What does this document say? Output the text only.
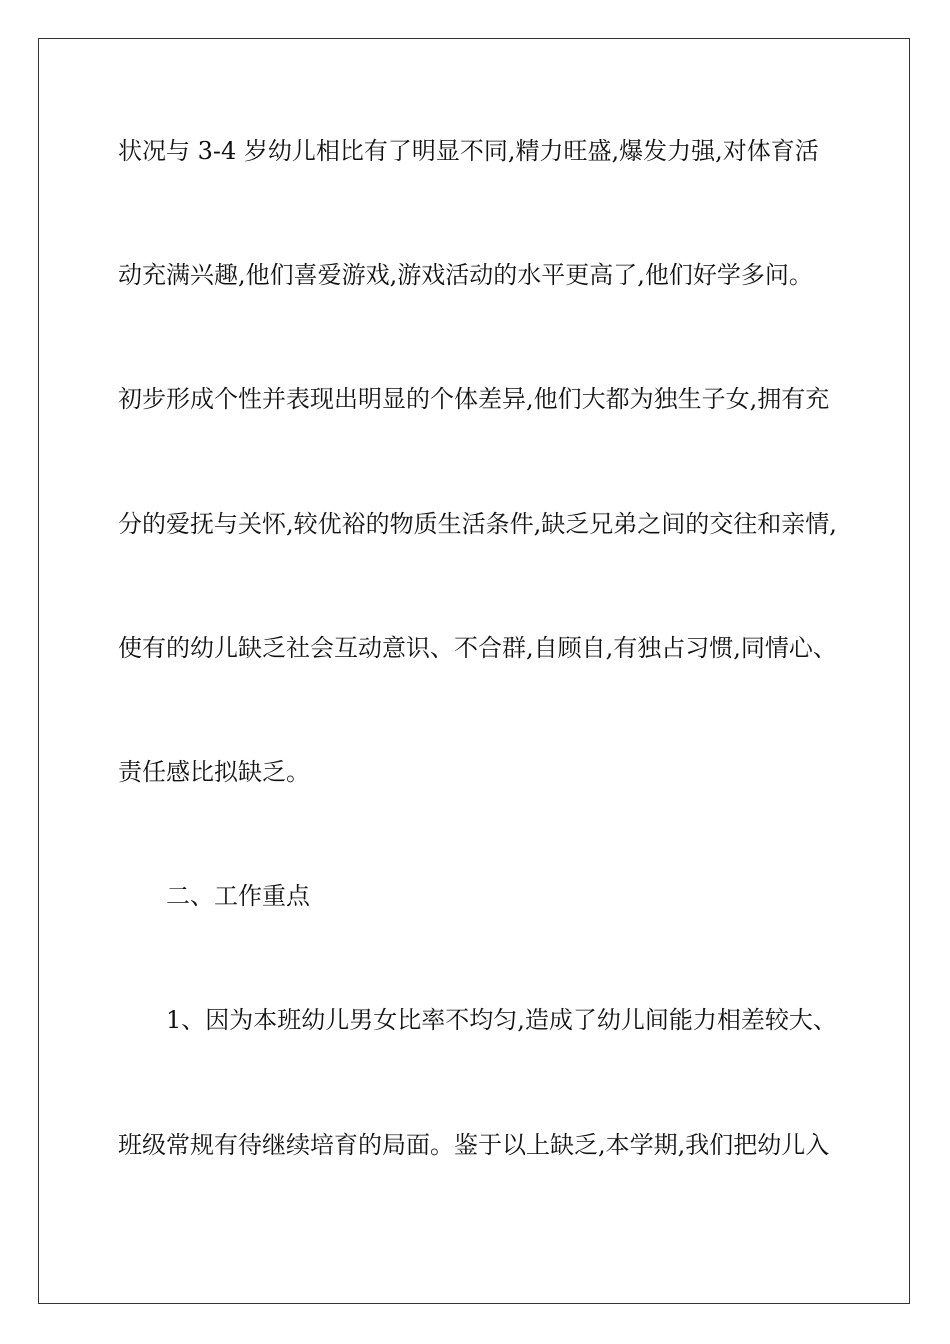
状况与 3-4 岁幼儿相比有了明显不同,精力旺盛,爆发力强,对体育活
动充满兴趣,他们喜爱游戏,游戏活动的水平更高了,他们好学多问。
初步形成个性并表现出明显的个体差异,他们大都为独生子女,拥有充
分的爱抚与关怀,较优裕的物质生活条件,缺乏兄弟之间的交往和亲情,
使有的幼儿缺乏社会互动意识、不合群,自顾自,有独占习惯,同情心、
责任感比拟缺乏。
二、工作重点
1、因为本班幼儿男女比率不均匀,造成了幼儿间能力相差较大、
班级常规有待继续培育的局面。鉴于以上缺乏,本学期,我们把幼儿入
